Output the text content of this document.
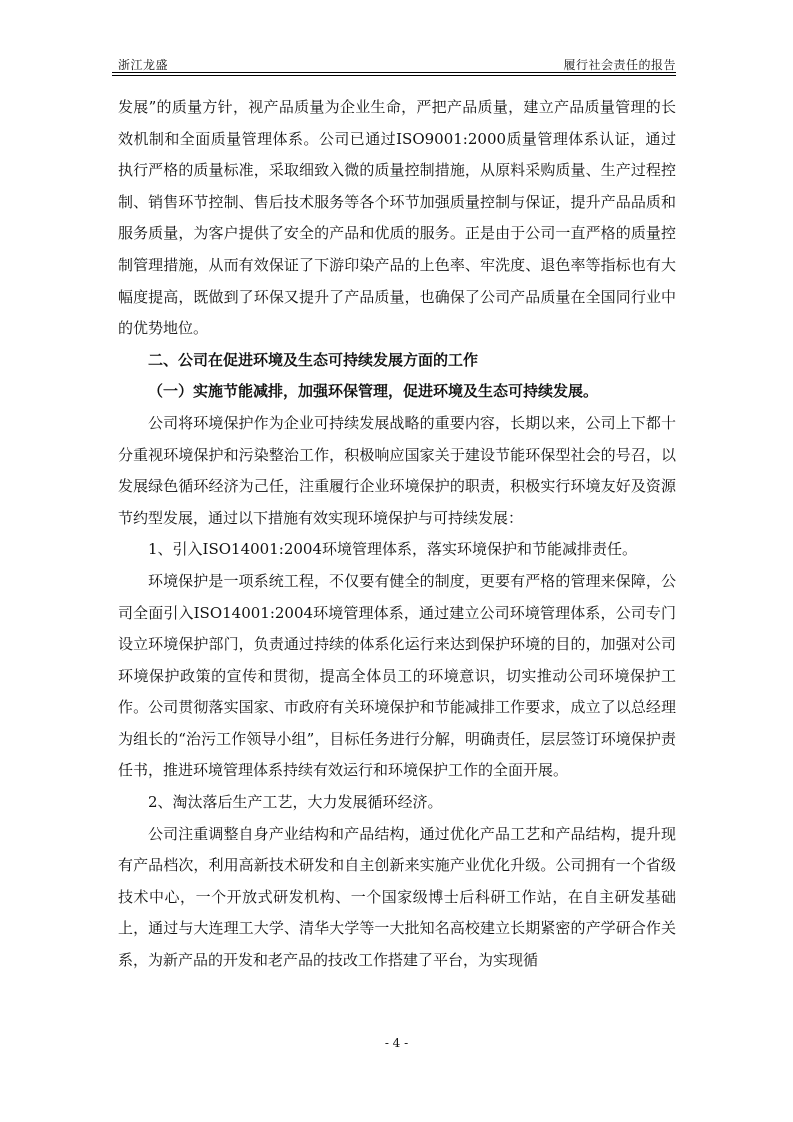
浙江龙盛	履行社会责任的报告

发展”的质量方针，视产品质量为企业生命，严把产品质量，建立产品质量管理的长效机制和全面质量管理体系。公司已通过ISO9001:2000质量管理体系认证，通过执行严格的质量标准，采取细致入微的质量控制措施，从原料采购质量、生产过程控制、销售环节控制、售后技术服务等各个环节加强质量控制与保证，提升产品品质和服务质量，为客户提供了安全的产品和优质的服务。正是由于公司一直严格的质量控制管理措施，从而有效保证了下游印染产品的上色率、牢洗度、退色率等指标也有大幅度提高，既做到了环保又提升了产品质量，也确保了公司产品质量在全国同行业中的优势地位。

二、公司在促进环境及生态可持续发展方面的工作

（一）实施节能减排，加强环保管理，促进环境及生态可持续发展。

公司将环境保护作为企业可持续发展战略的重要内容，长期以来，公司上下都十分重视环境保护和污染整治工作，积极响应国家关于建设节能环保型社会的号召，以发展绿色循环经济为己任，注重履行企业环境保护的职责，积极实行环境友好及资源节约型发展，通过以下措施有效实现环境保护与可持续发展：

1、引入ISO14001:2004环境管理体系，落实环境保护和节能减排责任。

环境保护是一项系统工程，不仅要有健全的制度，更要有严格的管理来保障，公司全面引入ISO14001:2004环境管理体系，通过建立公司环境管理体系，公司专门设立环境保护部门，负责通过持续的体系化运行来达到保护环境的目的，加强对公司环境保护政策的宣传和贯彻，提高全体员工的环境意识，切实推动公司环境保护工作。公司贯彻落实国家、市政府有关环境保护和节能减排工作要求，成立了以总经理为组长的“治污工作领导小组”，目标任务进行分解，明确责任，层层签订环境保护责任书，推进环境管理体系持续有效运行和环境保护工作的全面开展。

2、淘汰落后生产工艺，大力发展循环经济。

公司注重调整自身产业结构和产品结构，通过优化产品工艺和产品结构，提升现有产品档次，利用高新技术研发和自主创新来实施产业优化升级。公司拥有一个省级技术中心，一个开放式研发机构、一个国家级博士后科研工作站，在自主研发基础上，通过与大连理工大学、清华大学等一大批知名高校建立长期紧密的产学研合作关系，为新产品的开发和老产品的技改工作搭建了平台，为实现循

- 4 -
